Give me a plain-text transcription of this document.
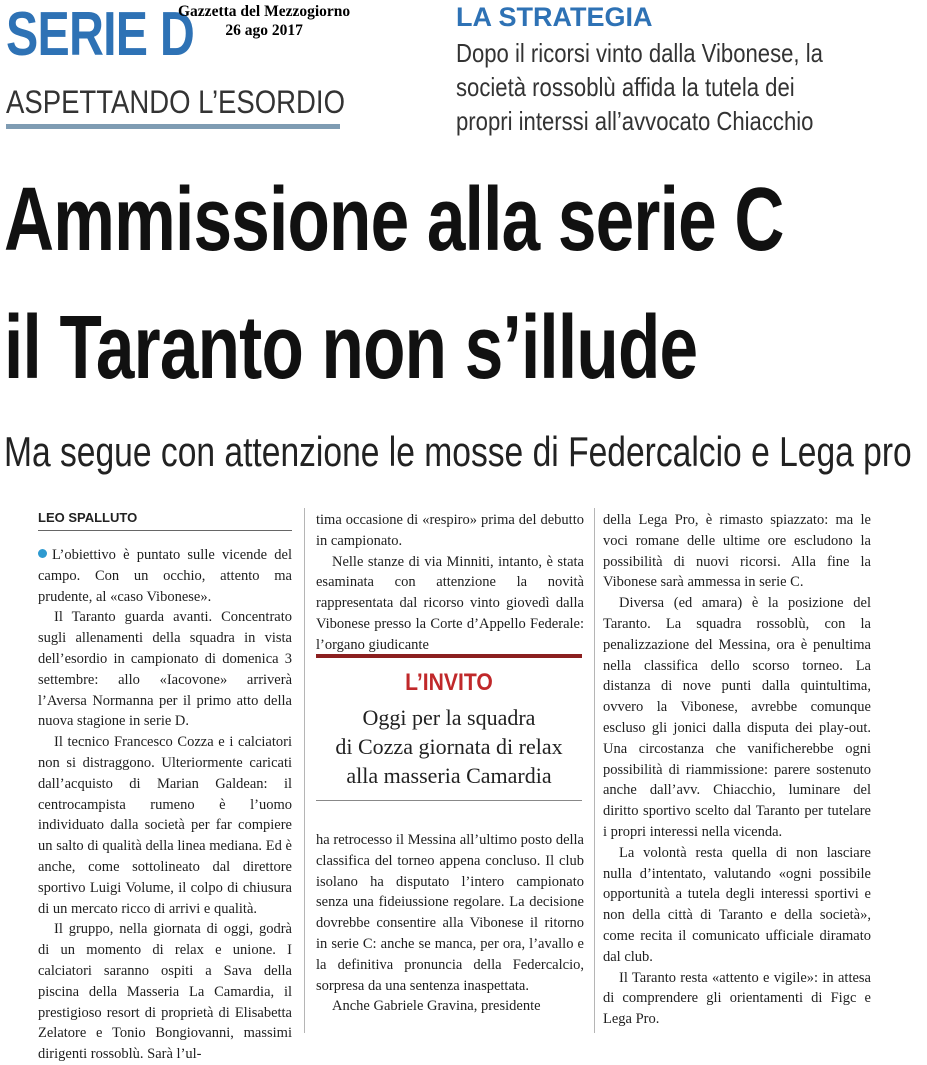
SERIE D
Gazzetta del Mezzogiorno
26 ago 2017
ASPETTANDO L’ESORDIO
LA STRATEGIA
Dopo il ricorsi vinto dalla Vibonese, la
società rossoblù affida la tutela dei
propri interssi all’avvocato Chiacchio
Ammissione alla serie C
il Taranto non s’illude
Ma segue con attenzione le mosse di Federcalcio e Lega pro
LEO SPALLUTO

L’obiettivo è puntato sulle vicende del campo. Con un occhio, attento ma prudente, al «caso Vibonese».

Il Taranto guarda avanti. Concentrato sugli allenamenti della squadra in vista dell’esordio in campionato di domenica 3 settembre: allo «Iacovone» arriverà l’Aversa Normanna per il primo atto della nuova stagione in serie D.

Il tecnico Francesco Cozza e i calciatori non si distraggono. Ulteriormente caricati dall’acquisto di Marian Galdean: il centrocampista rumeno è l’uomo individuato dalla società per far compiere un salto di qualità della linea mediana. Ed è anche, come sottolineato dal direttore sportivo Luigi Volume, il colpo di chiusura di un mercato ricco di arrivi e qualità.

Il gruppo, nella giornata di oggi, godrà di un momento di relax e unione. I calciatori saranno ospiti a Sava della piscina della Masseria La Camardia, il prestigioso resort di proprietà di Elisabetta Zelatore e Tonio Bongiovanni, massimi dirigenti rossoblù. Sarà l’ul-

tima occasione di «respiro» prima del debutto in campionato.

Nelle stanze di via Minniti, intanto, è stata esaminata con attenzione la novità rappresentata dal ricorso vinto giovedì dalla Vibonese presso la Corte d’Appello Federale: l’organo giudicante

L’INVITO
Oggi per la squadra
di Cozza giornata di relax
alla masseria Camardia

ha retrocesso il Messina all’ultimo posto della classifica del torneo appena concluso. Il club isolano ha disputato l’intero campionato senza una fideiussione regolare. La decisione dovrebbe consentire alla Vibonese il ritorno in serie C: anche se manca, per ora, l’avallo e la definitiva pronuncia della Federcalcio, sorpresa da una sentenza inaspettata.

Anche Gabriele Gravina, presidente

della Lega Pro, è rimasto spiazzato: ma le voci romane delle ultime ore escludono la possibilità di nuovi ricorsi. Alla fine la Vibonese sarà ammessa in serie C.

Diversa (ed amara) è la posizione del Taranto. La squadra rossoblù, con la penalizzazione del Messina, ora è penultima nella classifica dello scorso torneo. La distanza di nove punti dalla quintultima, ovvero la Vibonese, avrebbe comunque escluso gli jonici dalla disputa dei play-out. Una circostanza che vanificherebbe ogni possibilità di riammissione: parere sostenuto anche dall’avv. Chiacchio, luminare del diritto sportivo scelto dal Taranto per tutelare i propri interessi nella vicenda.

La volontà resta quella di non lasciare nulla d’intentato, valutando «ogni possibile opportunità a tutela degli interessi sportivi e non della città di Taranto e della società», come recita il comunicato ufficiale diramato dal club.

Il Taranto resta «attento e vigile»: in attesa di comprendere gli orientamenti di Figc e Lega Pro.
